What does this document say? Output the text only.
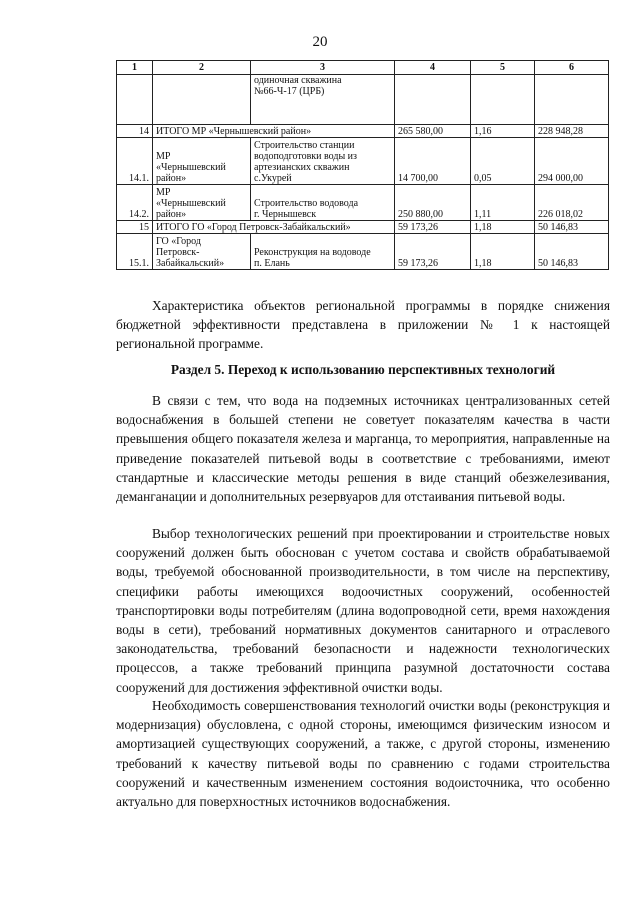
20
1	2	3	4	5	6
		одиночная скважина
№66-Ч-17 (ЦРБ)			
14	ИТОГО МР «Чернышевский район»		265 580,00	1,16	228 948,28
14.1.	МР
«Чернышевский
район»	Строительство станции
водоподготовки воды из
артезианских скважин
с.Укурей	14 700,00	0,05	294 000,00
14.2.	МР
«Чернышевский
район»	Строительство водовода
г. Чернышевск	250 880,00	1,11	226 018,02
15	ИТОГО ГО «Город Петровск-Забайкальский»		59 173,26	1,18	50 146,83
15.1.	ГО «Город
Петровск-
Забайкальский»	Реконструкция на водоводе
п. Елань	59 173,26	1,18	50 146,83

Характеристика объектов региональной программы в порядке снижения бюджетной эффективности представлена в приложении № 1 к настоящей региональной программе.

Раздел 5. Переход к использованию перспективных технологий

В связи с тем, что вода на подземных источниках централизованных сетей водоснабжения в большей степени не советует показателям качества в части превышения общего показателя железа и марганца, то мероприятия, направленные на приведение показателей питьевой воды в соответствие с требованиями, имеют стандартные и классические методы решения в виде станций обезжелезивания, деманганации и дополнительных резервуаров для отстаивания питьевой воды.

Выбор технологических решений при проектировании и строительстве новых сооружений должен быть обоснован с учетом состава и свойств обрабатываемой воды, требуемой обоснованной производительности, в том числе на перспективу, специфики работы имеющихся водоочистных сооружений, особенностей транспортировки воды потребителям (длина водопроводной сети, время нахождения воды в сети), требований нормативных документов санитарного и отраслевого законодательства, требований безопасности и надежности технологических процессов, а также требований принципа разумной достаточности состава сооружений для достижения эффективной очистки воды.

Необходимость совершенствования технологий очистки воды (реконструкция и модернизация) обусловлена, с одной стороны, имеющимся физическим износом и амортизацией существующих сооружений, а также, с другой стороны, изменению требований к качеству питьевой воды по сравнению с годами строительства сооружений и качественным изменением состояния водоисточника, что особенно актуально для поверхностных источников водоснабжения.
